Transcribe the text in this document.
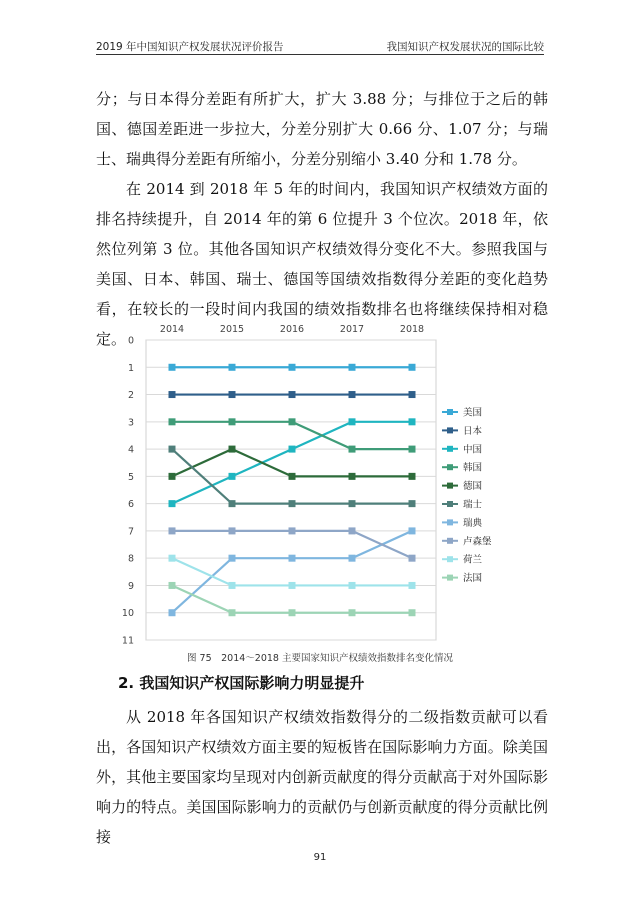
2019 年中国知识产权发展状况评价报告	我国知识产权发展状况的国际比较

分；与日本得分差距有所扩大，扩大 3.88 分；与排位于之后的韩国、德国差距进一步拉大，分差分别扩大 0.66 分、1.07 分；与瑞士、瑞典得分差距有所缩小，分差分别缩小 3.40 分和 1.78 分。

在 2014 到 2018 年 5 年的时间内，我国知识产权绩效方面的排名持续提升，自 2014 年的第 6 位提升 3 个位次。2018 年，依然位列第 3 位。其他各国知识产权绩效得分变化不大。参照我国与美国、日本、韩国、瑞士、德国等国绩效指数得分差距的变化趋势看，在较长的一段时间内我国的绩效指数排名也将继续保持相对稳定。 0
1
2
3
4
5
6
7
8
9
10
11
2014	2015	2016	2017	2018
美国
日本
中国
韩国
德国
瑞士
瑞典
卢森堡
荷兰
法国
图 75　2014～2018 主要国家知识产权绩效指数排名变化情况
2. 我国知识产权国际影响力明显提升

从 2018 年各国知识产权绩效指数得分的二级指数贡献可以看出，各国知识产权绩效方面主要的短板皆在国际影响力方面。除美国外，其他主要国家均呈现对内创新贡献度的得分贡献高于对外国际影响力的特点。美国国际影响力的贡献仍与创新贡献度的得分贡献比例接

91
